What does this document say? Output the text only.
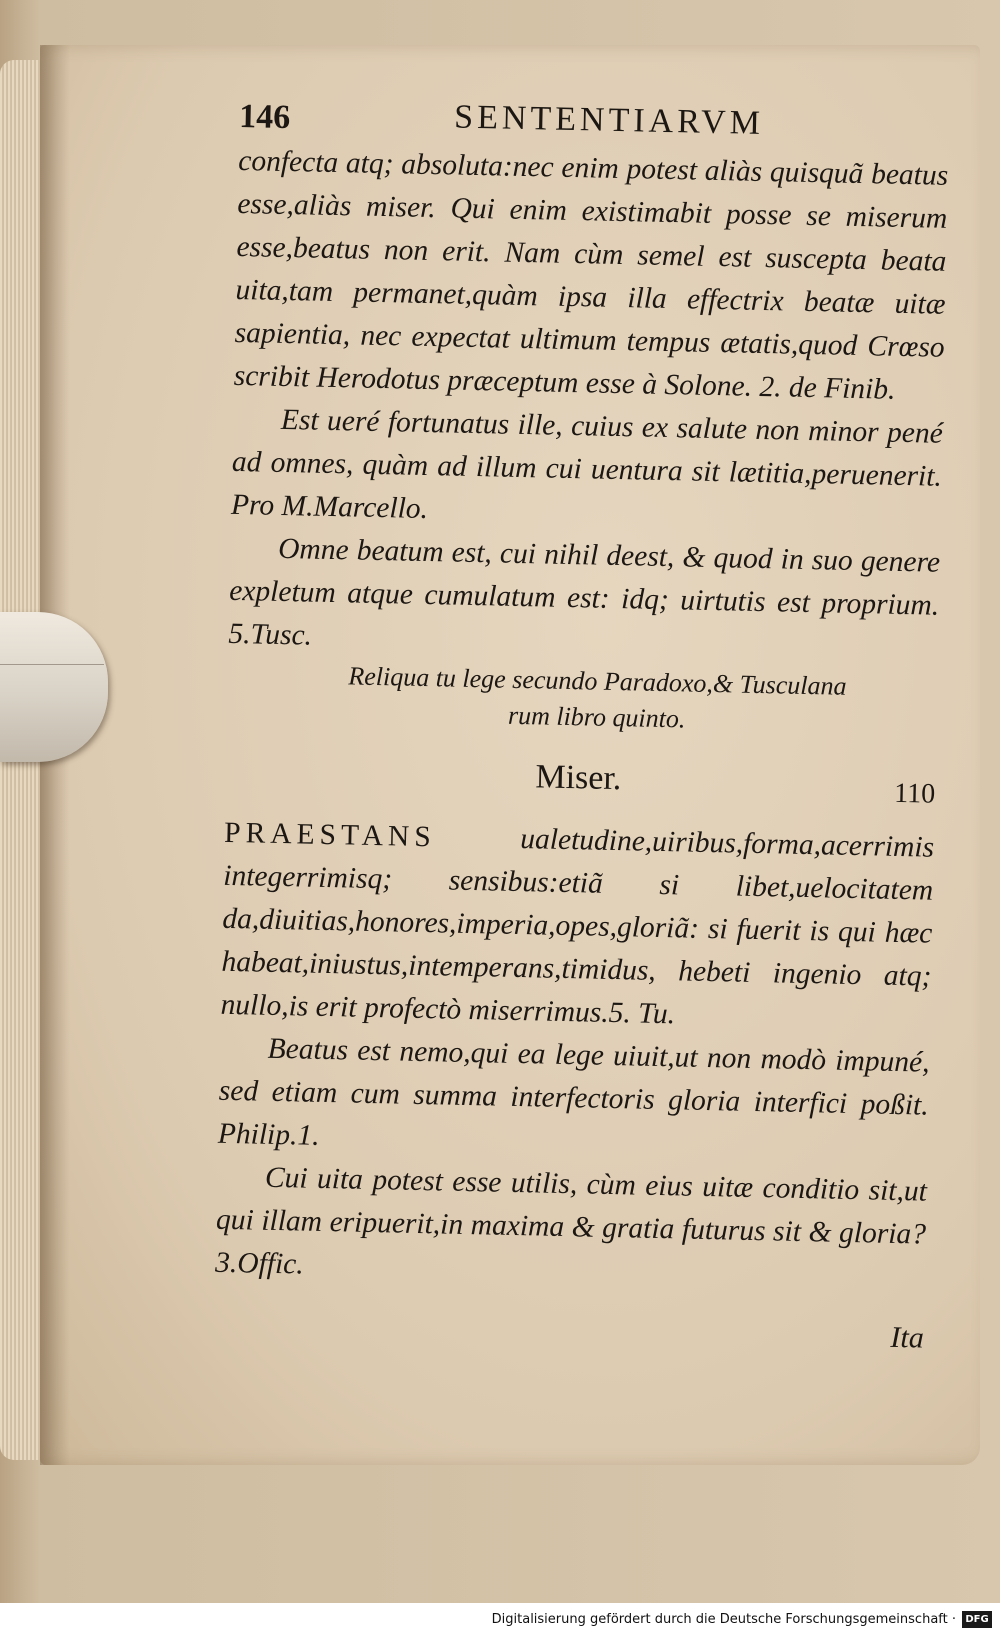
146	SENTENTIARVM

confecta atq; absoluta:nec enim potest aliàs quisquã beatus esse,aliàs miser. Qui enim existimabit posse se miserum esse,beatus non erit. Nam cùm semel est suscepta beata uita,tam permanet,quàm ipsa illa effectrix beatæ uitæ sapientia, nec expectat ultimum tempus ætatis,quod Crœso scribit Herodotus præceptum esse à Solone. 2. de Finib.

Est ueré fortunatus ille, cuius ex salute non minor pené ad omnes, quàm ad illum cui uentura sit lætitia,peruenerit. Pro M.Marcello.

Omne beatum est, cui nihil deest, & quod in suo genere expletum atque cumulatum est: idq; uirtutis est proprium. 5.Tusc.

Reliqua tu lege secundo Paradoxo,& Tusculana

rum libro quinto.

Miser.	110

PRAESTANS ualetudine,uiribus,forma,acerrimis integerrimisq; sensibus:etiã si libet,uelocitatem da,diuitias,honores,imperia,opes,gloriã: si fuerit is qui hæc habeat,iniustus,intemperans,timidus, hebeti ingenio atq; nullo,is erit profectò miserrimus.5. Tu.

Beatus est nemo,qui ea lege uiuit,ut non modò impuné, sed etiam cum summa interfectoris gloria interfici poßit. Philip.1.

Cui uita potest esse utilis, cùm eius uitæ conditio sit,ut qui illam eripuerit,in maxima & gratia futurus sit & gloria? 3.Offic.

Ita
Digitalisierung gefördert durch die Deutsche Forschungsgemeinschaft · DFG
